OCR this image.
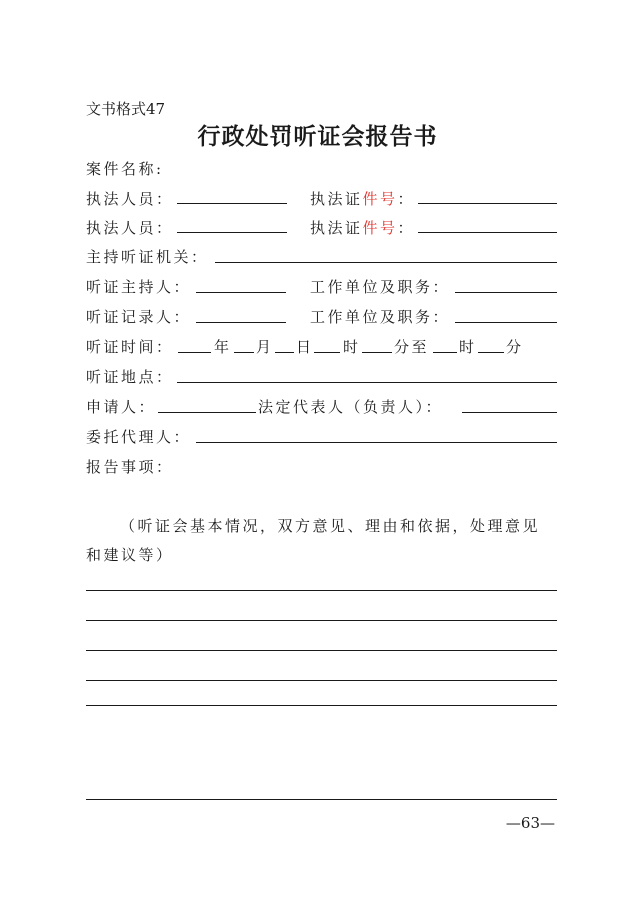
文书格式47
行政处罚听证会报告书
案件名称:
执法人员：	执法证件号：
执法人员：	执法证件号：
主持听证机关：
听证主持人：	工作单位及职务：
听证记录人：	工作单位及职务：
听证时间：	年 月 日 时 分至 时 分
听证地点：
申请人：	法定代表人（负责人）：
委托代理人：
报告事项：
（听证会基本情况，双方意见、理由和依据，处理意见
和建议等）
—63—
